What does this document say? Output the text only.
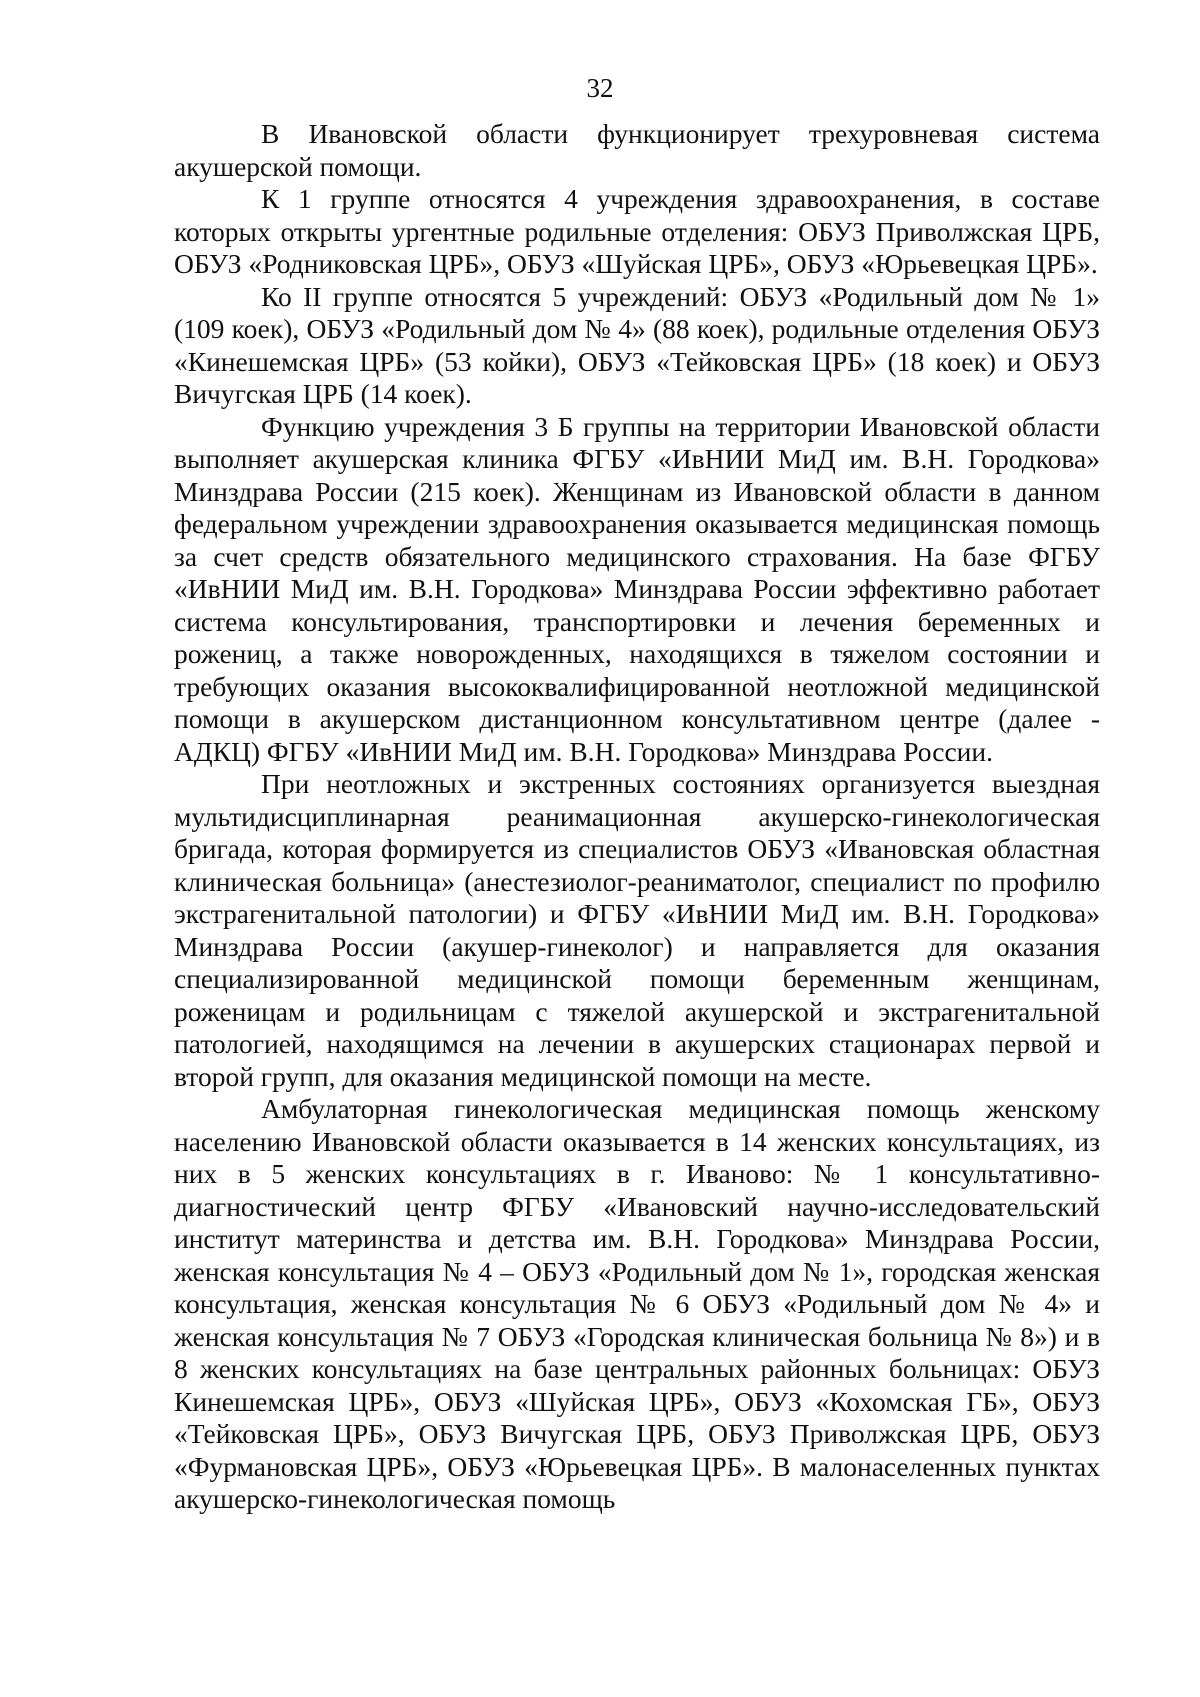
32

В Ивановской области функционирует трехуровневая система акушерской помощи.

К 1 группе относятся 4 учреждения здравоохранения, в составе которых открыты ургентные родильные отделения: ОБУЗ Приволжская ЦРБ, ОБУЗ «Родниковская ЦРБ», ОБУЗ «Шуйская ЦРБ», ОБУЗ «Юрьевецкая ЦРБ».

Ко II группе относятся 5 учреждений: ОБУЗ «Родильный дом № 1» (109 коек), ОБУЗ «Родильный дом № 4» (88 коек), родильные отделения ОБУЗ «Кинешемская ЦРБ» (53 койки), ОБУЗ «Тейковская ЦРБ» (18 коек) и ОБУЗ Вичугская ЦРБ (14 коек).

Функцию учреждения 3 Б группы на территории Ивановской области выполняет акушерская клиника ФГБУ «ИвНИИ МиД им. В.Н. Городкова» Минздрава России (215 коек). Женщинам из Ивановской области в данном федеральном учреждении здравоохранения оказывается медицинская помощь за счет средств обязательного медицинского страхования. На базе ФГБУ «ИвНИИ МиД им. В.Н. Городкова» Минздрава России эффективно работает система консультирования, транспортировки и лечения беременных и рожениц, а также новорожденных, находящихся в тяжелом состоянии и требующих оказания высококвалифицированной неотложной медицинской помощи в акушерском дистанционном консультативном центре (далее - АДКЦ) ФГБУ «ИвНИИ МиД им. В.Н. Городкова» Минздрава России.

При неотложных и экстренных состояниях организуется выездная мультидисциплинарная реанимационная акушерско-гинекологическая бригада, которая формируется из специалистов ОБУЗ «Ивановская областная клиническая больница» (анестезиолог-реаниматолог, специалист по профилю экстрагенитальной патологии) и ФГБУ «ИвНИИ МиД им. В.Н. Городкова» Минздрава России (акушер-гинеколог) и направляется для оказания специализированной медицинской помощи беременным женщинам, роженицам и родильницам с тяжелой акушерской и экстрагенитальной патологией, находящимся на лечении в акушерских стационарах первой и второй групп, для оказания медицинской помощи на месте.

Амбулаторная гинекологическая медицинская помощь женскому населению Ивановской области оказывается в 14 женских консультациях, из них в 5 женских консультациях в г. Иваново: № 1 консультативно-диагностический центр ФГБУ «Ивановский научно-исследовательский институт материнства и детства им. В.Н. Городкова» Минздрава России, женская консультация № 4 – ОБУЗ «Родильный дом № 1», городская женская консультация, женская консультация № 6 ОБУЗ «Родильный дом № 4» и женская консультация № 7 ОБУЗ «Городская клиническая больница № 8») и в 8 женских консультациях на базе центральных районных больницах: ОБУЗ Кинешемская ЦРБ», ОБУЗ «Шуйская ЦРБ», ОБУЗ «Кохомская ГБ», ОБУЗ «Тейковская ЦРБ», ОБУЗ Вичугская ЦРБ, ОБУЗ Приволжская ЦРБ, ОБУЗ «Фурмановская ЦРБ», ОБУЗ «Юрьевецкая ЦРБ». В малонаселенных пунктах акушерско-гинекологическая помощь
